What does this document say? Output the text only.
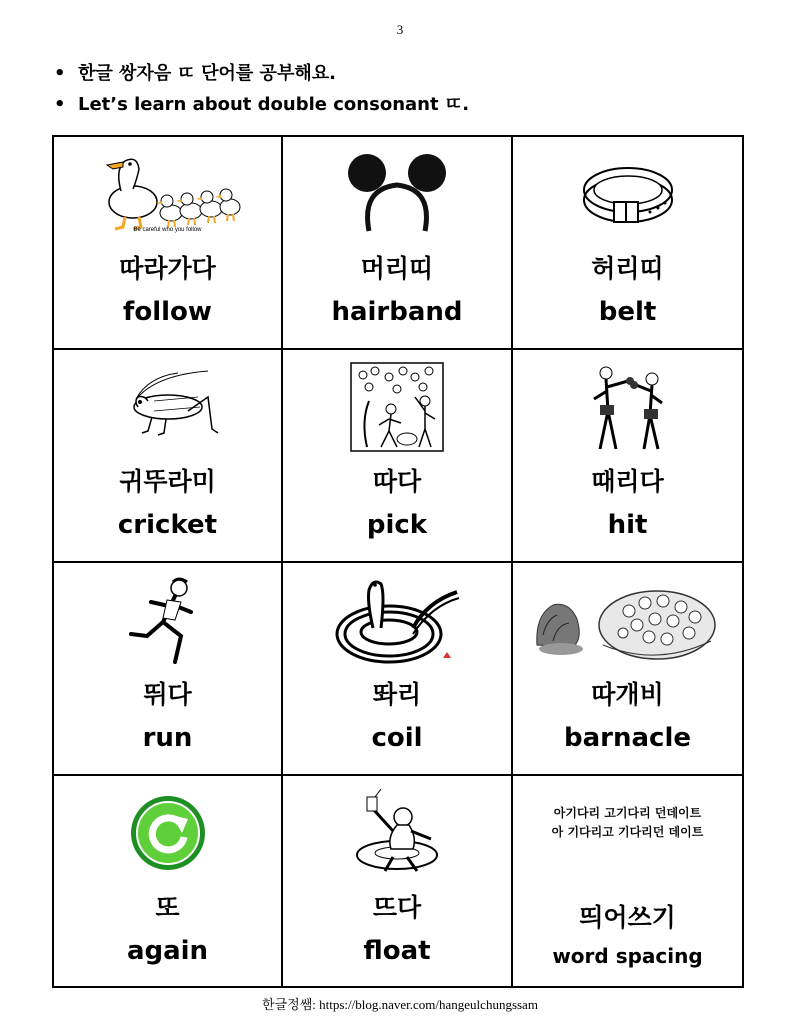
3
• 한글 쌍자음 ㄸ 단어를 공부해요.
• Let’s learn about double consonant ㄸ.
Be careful who you follow
따라가다
follow
머리띠
hairband
허리띠
belt
귀뚜라미
cricket
따다
pick
때리다
hit
뛰다
run
똬리
coil
따개비
barnacle
또
again
뜨다
float
아기다리 고기다리 던데이트
아 기다리고 기다리던 데이트
띄어쓰기
word spacing
한글정쌤: https://blog.naver.com/hangeulchungssam
